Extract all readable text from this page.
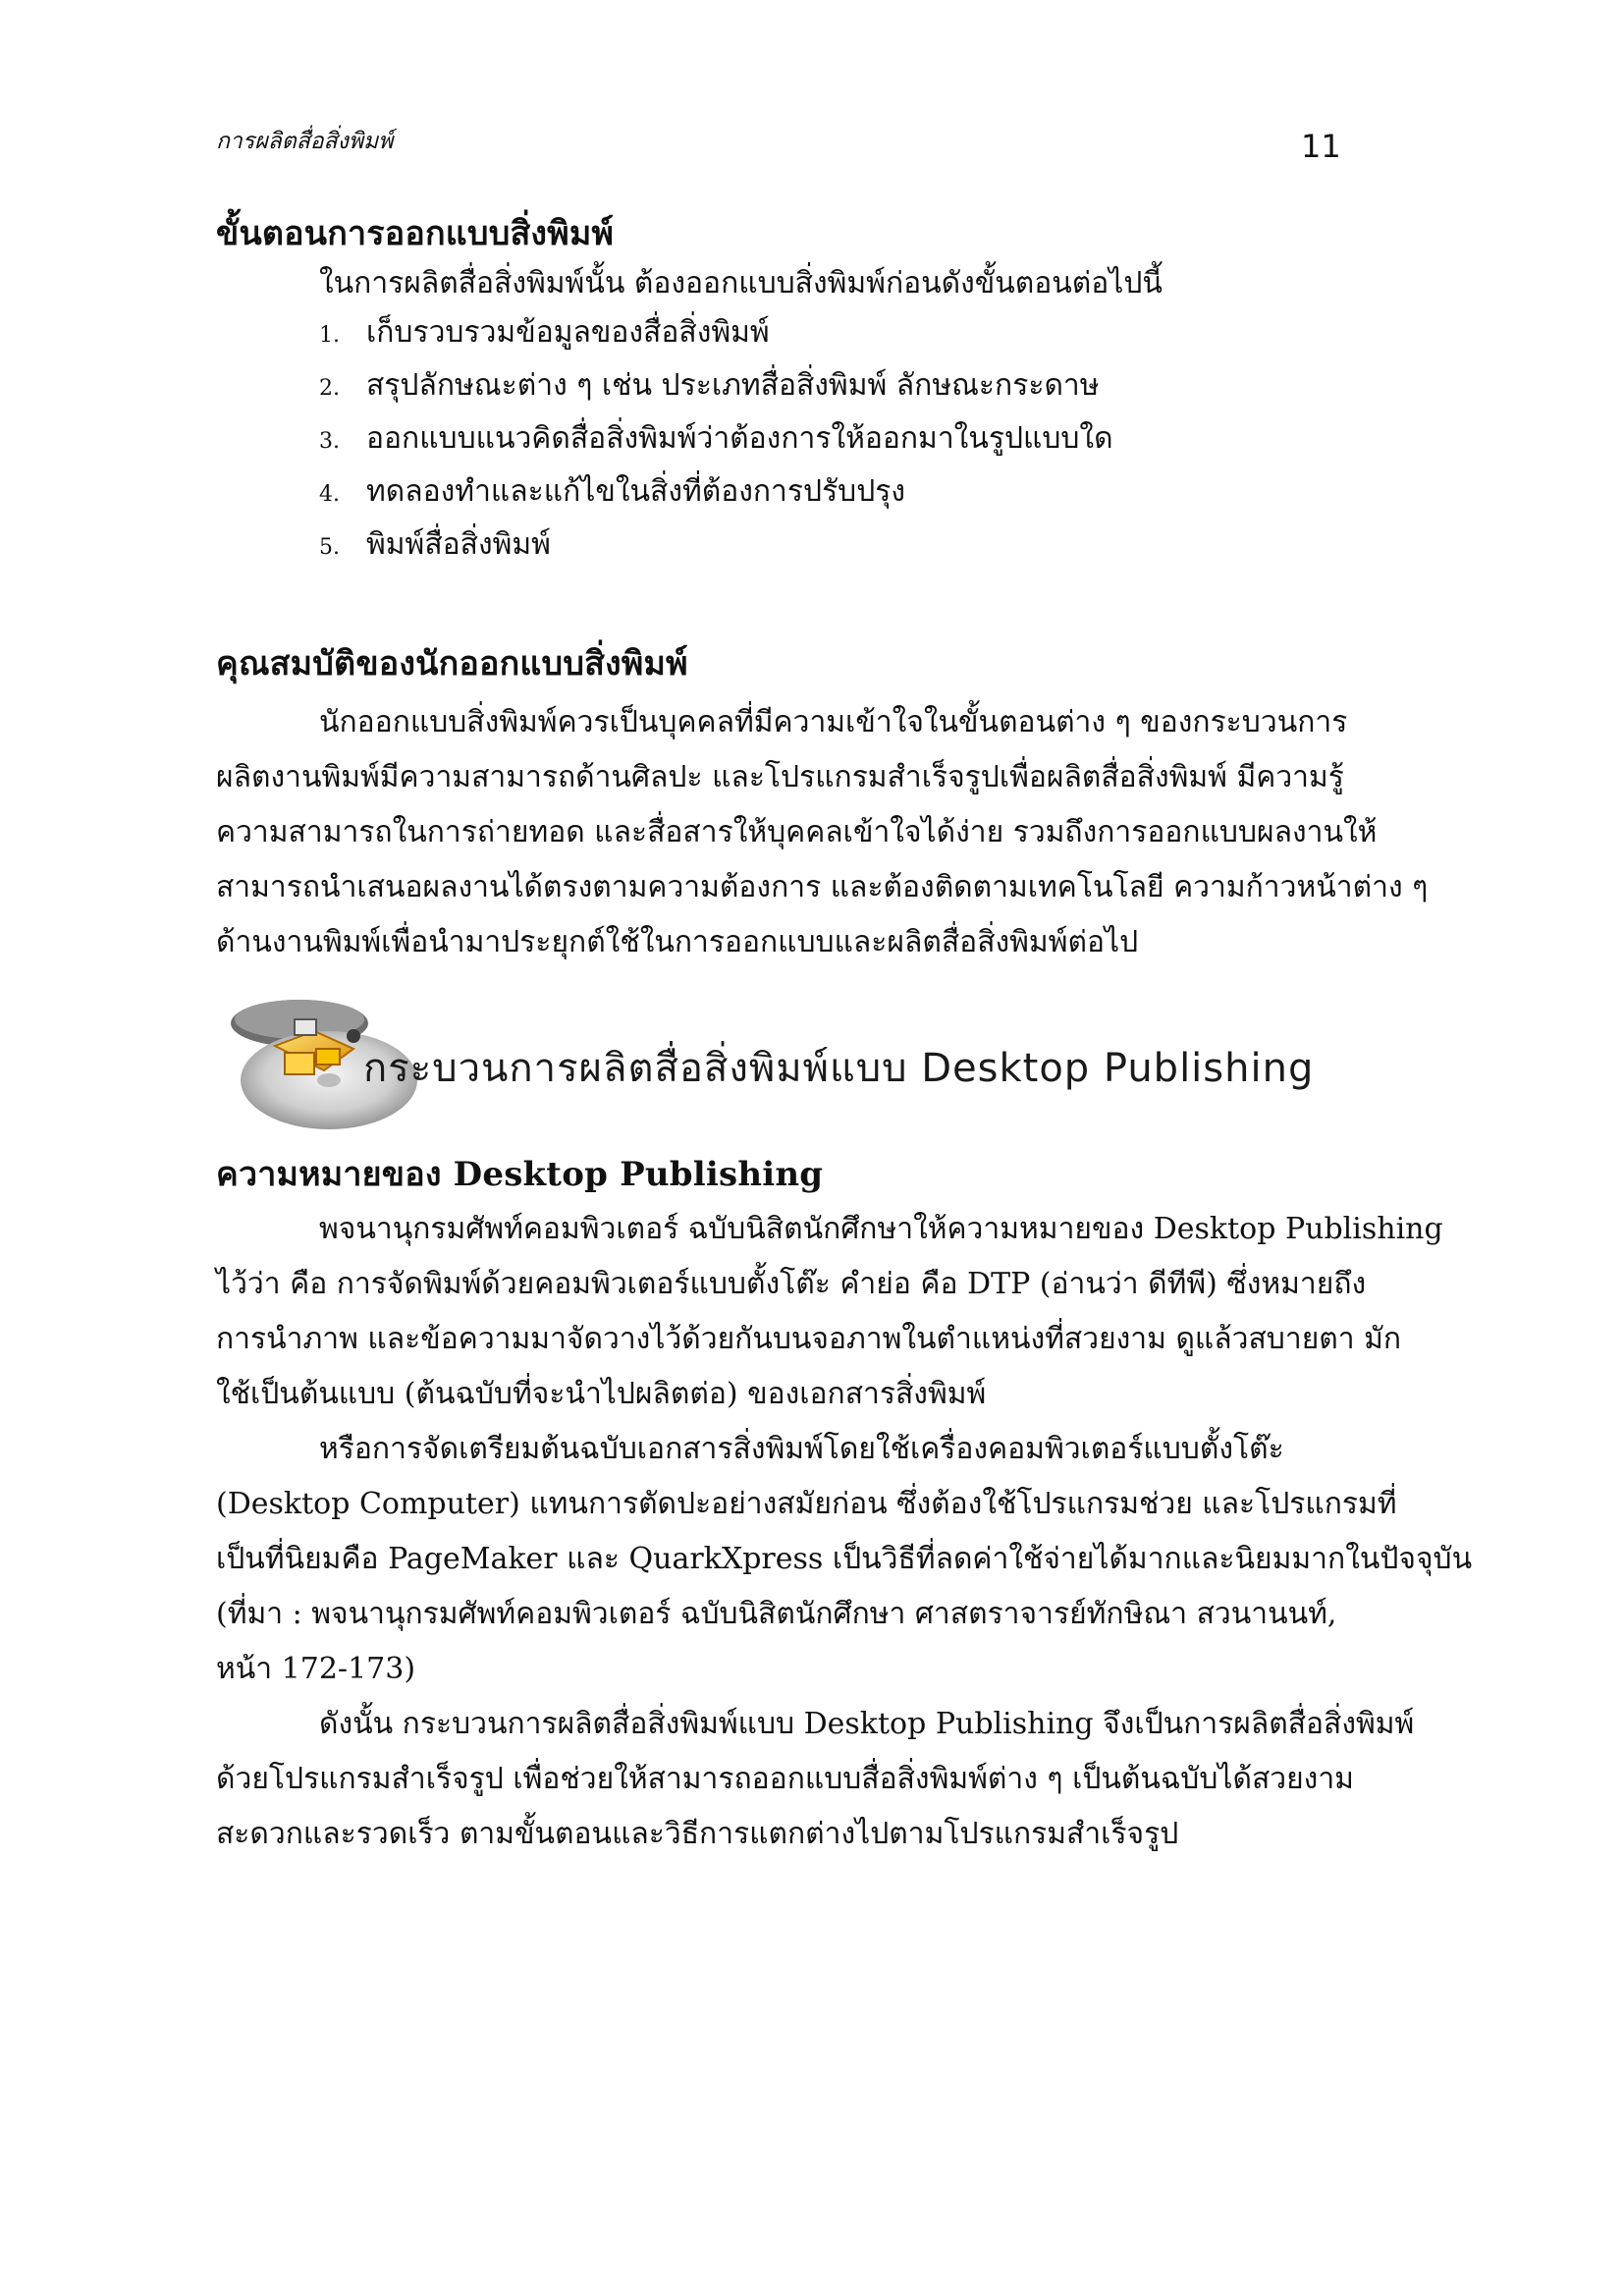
การผลิตสื่อสิ่งพิมพ์	11
ขั้นตอนการออกแบบสิ่งพิมพ์
ในการผลิตสื่อสิ่งพิมพ์นั้น ต้องออกแบบสิ่งพิมพ์ก่อนดังขั้นตอนต่อไปนี้
1. เก็บรวบรวมข้อมูลของสื่อสิ่งพิมพ์
2. สรุปลักษณะต่าง ๆ เช่น ประเภทสื่อสิ่งพิมพ์ ลักษณะกระดาษ
3. ออกแบบแนวคิดสื่อสิ่งพิมพ์ว่าต้องการให้ออกมาในรูปแบบใด
4. ทดลองทำและแก้ไขในสิ่งที่ต้องการปรับปรุง
5. พิมพ์สื่อสิ่งพิมพ์
คุณสมบัติของนักออกแบบสิ่งพิมพ์
นักออกแบบสิ่งพิมพ์ควรเป็นบุคคลที่มีความเข้าใจในขั้นตอนต่าง ๆ ของกระบวนการ
ผลิตงานพิมพ์มีความสามารถด้านศิลปะ และโปรแกรมสำเร็จรูปเพื่อผลิตสื่อสิ่งพิมพ์ มีความรู้
ความสามารถในการถ่ายทอด และสื่อสารให้บุคคลเข้าใจได้ง่าย รวมถึงการออกแบบผลงานให้
สามารถนำเสนอผลงานได้ตรงตามความต้องการ และต้องติดตามเทคโนโลยี ความก้าวหน้าต่าง ๆ
ด้านงานพิมพ์เพื่อนำมาประยุกต์ใช้ในการออกแบบและผลิตสื่อสิ่งพิมพ์ต่อไป
กระบวนการผลิตสื่อสิ่งพิมพ์แบบ Desktop Publishing
ความหมายของ Desktop Publishing
พจนานุกรมศัพท์คอมพิวเตอร์ ฉบับนิสิตนักศึกษาให้ความหมายของ Desktop Publishing
ไว้ว่า คือ การจัดพิมพ์ด้วยคอมพิวเตอร์แบบตั้งโต๊ะ คำย่อ คือ DTP (อ่านว่า ดีทีพี) ซึ่งหมายถึง
การนำภาพ และข้อความมาจัดวางไว้ด้วยกันบนจอภาพในตำแหน่งที่สวยงาม ดูแล้วสบายตา มัก
ใช้เป็นต้นแบบ (ต้นฉบับที่จะนำไปผลิตต่อ) ของเอกสารสิ่งพิมพ์
หรือการจัดเตรียมต้นฉบับเอกสารสิ่งพิมพ์โดยใช้เครื่องคอมพิวเตอร์แบบตั้งโต๊ะ
(Desktop Computer) แทนการตัดปะอย่างสมัยก่อน ซึ่งต้องใช้โปรแกรมช่วย และโปรแกรมที่
เป็นที่นิยมคือ PageMaker และ QuarkXpress เป็นวิธีที่ลดค่าใช้จ่ายได้มากและนิยมมากในปัจจุบัน
(ที่มา : พจนานุกรมศัพท์คอมพิวเตอร์ ฉบับนิสิตนักศึกษา ศาสตราจารย์ทักษิณา สวนานนท์,
หน้า 172-173)
ดังนั้น กระบวนการผลิตสื่อสิ่งพิมพ์แบบ Desktop Publishing จึงเป็นการผลิตสื่อสิ่งพิมพ์
ด้วยโปรแกรมสำเร็จรูป เพื่อช่วยให้สามารถออกแบบสื่อสิ่งพิมพ์ต่าง ๆ เป็นต้นฉบับได้สวยงาม
สะดวกและรวดเร็ว ตามขั้นตอนและวิธีการแตกต่างไปตามโปรแกรมสำเร็จรูป
